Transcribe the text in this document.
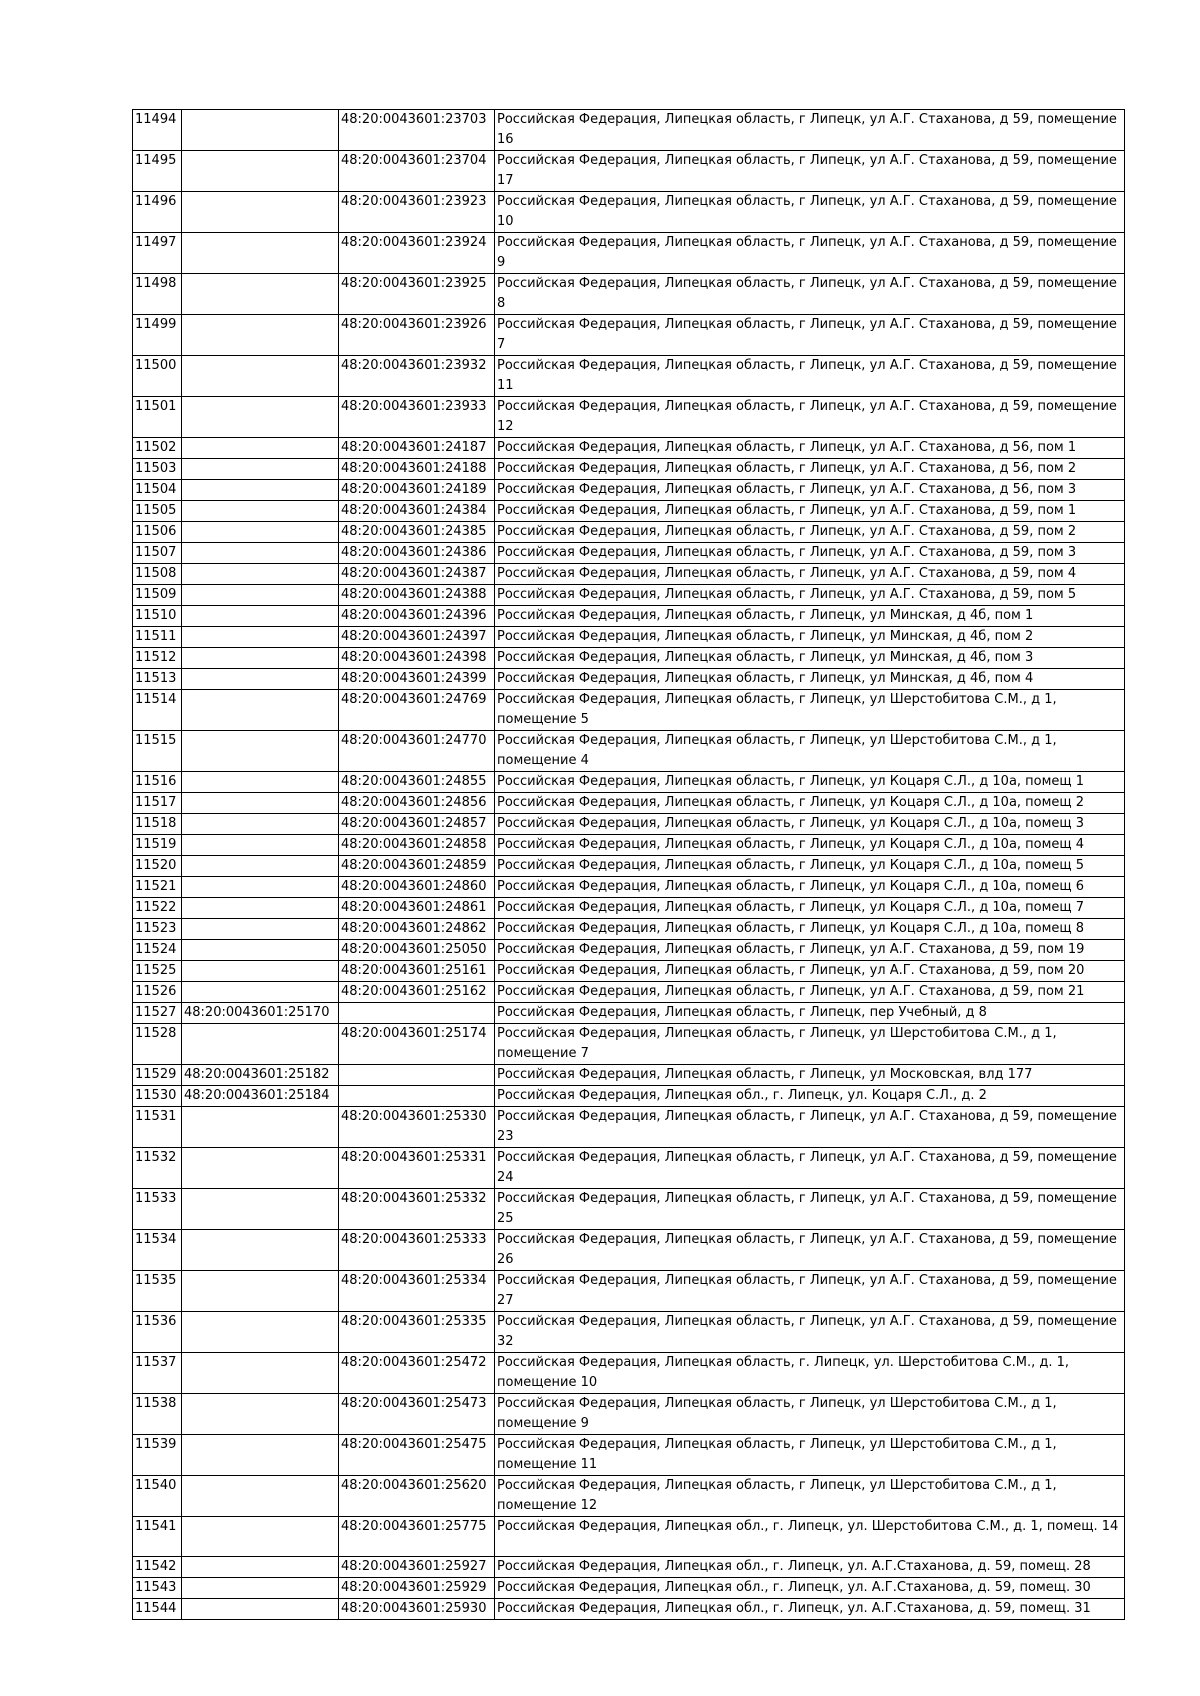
11494		48:20:0043601:23703	Российская Федерация, Липецкая область, г Липецк, ул А.Г. Стаханова, д 59, помещение 16
11495		48:20:0043601:23704	Российская Федерация, Липецкая область, г Липецк, ул А.Г. Стаханова, д 59, помещение 17
11496		48:20:0043601:23923	Российская Федерация, Липецкая область, г Липецк, ул А.Г. Стаханова, д 59, помещение 10
11497		48:20:0043601:23924	Российская Федерация, Липецкая область, г Липецк, ул А.Г. Стаханова, д 59, помещение 9
11498		48:20:0043601:23925	Российская Федерация, Липецкая область, г Липецк, ул А.Г. Стаханова, д 59, помещение 8
11499		48:20:0043601:23926	Российская Федерация, Липецкая область, г Липецк, ул А.Г. Стаханова, д 59, помещение 7
11500		48:20:0043601:23932	Российская Федерация, Липецкая область, г Липецк, ул А.Г. Стаханова, д 59, помещение 11
11501		48:20:0043601:23933	Российская Федерация, Липецкая область, г Липецк, ул А.Г. Стаханова, д 59, помещение 12
11502		48:20:0043601:24187	Российская Федерация, Липецкая область, г Липецк, ул А.Г. Стаханова, д 56, пом 1
11503		48:20:0043601:24188	Российская Федерация, Липецкая область, г Липецк, ул А.Г. Стаханова, д 56, пом 2
11504		48:20:0043601:24189	Российская Федерация, Липецкая область, г Липецк, ул А.Г. Стаханова, д 56, пом 3
11505		48:20:0043601:24384	Российская Федерация, Липецкая область, г Липецк, ул А.Г. Стаханова, д 59, пом 1
11506		48:20:0043601:24385	Российская Федерация, Липецкая область, г Липецк, ул А.Г. Стаханова, д 59, пом 2
11507		48:20:0043601:24386	Российская Федерация, Липецкая область, г Липецк, ул А.Г. Стаханова, д 59, пом 3
11508		48:20:0043601:24387	Российская Федерация, Липецкая область, г Липецк, ул А.Г. Стаханова, д 59, пом 4
11509		48:20:0043601:24388	Российская Федерация, Липецкая область, г Липецк, ул А.Г. Стаханова, д 59, пом 5
11510		48:20:0043601:24396	Российская Федерация, Липецкая область, г Липецк, ул Минская, д 4б, пом 1
11511		48:20:0043601:24397	Российская Федерация, Липецкая область, г Липецк, ул Минская, д 4б, пом 2
11512		48:20:0043601:24398	Российская Федерация, Липецкая область, г Липецк, ул Минская, д 4б, пом 3
11513		48:20:0043601:24399	Российская Федерация, Липецкая область, г Липецк, ул Минская, д 4б, пом 4
11514		48:20:0043601:24769	Российская Федерация, Липецкая область, г Липецк, ул Шерстобитова С.М., д 1, помещение 5
11515		48:20:0043601:24770	Российская Федерация, Липецкая область, г Липецк, ул Шерстобитова С.М., д 1, помещение 4
11516		48:20:0043601:24855	Российская Федерация, Липецкая область, г Липецк, ул Коцаря С.Л., д 10а, помещ 1
11517		48:20:0043601:24856	Российская Федерация, Липецкая область, г Липецк, ул Коцаря С.Л., д 10а, помещ 2
11518		48:20:0043601:24857	Российская Федерация, Липецкая область, г Липецк, ул Коцаря С.Л., д 10а, помещ 3
11519		48:20:0043601:24858	Российская Федерация, Липецкая область, г Липецк, ул Коцаря С.Л., д 10а, помещ 4
11520		48:20:0043601:24859	Российская Федерация, Липецкая область, г Липецк, ул Коцаря С.Л., д 10а, помещ 5
11521		48:20:0043601:24860	Российская Федерация, Липецкая область, г Липецк, ул Коцаря С.Л., д 10а, помещ 6
11522		48:20:0043601:24861	Российская Федерация, Липецкая область, г Липецк, ул Коцаря С.Л., д 10а, помещ 7
11523		48:20:0043601:24862	Российская Федерация, Липецкая область, г Липецк, ул Коцаря С.Л., д 10а, помещ 8
11524		48:20:0043601:25050	Российская Федерация, Липецкая область, г Липецк, ул А.Г. Стаханова, д 59, пом 19
11525		48:20:0043601:25161	Российская Федерация, Липецкая область, г Липецк, ул А.Г. Стаханова, д 59, пом 20
11526		48:20:0043601:25162	Российская Федерация, Липецкая область, г Липецк, ул А.Г. Стаханова, д 59, пом 21
11527	48:20:0043601:25170		Российская Федерация, Липецкая область, г Липецк, пер Учебный, д 8
11528		48:20:0043601:25174	Российская Федерация, Липецкая область, г Липецк, ул Шерстобитова С.М., д 1, помещение 7
11529	48:20:0043601:25182		Российская Федерация, Липецкая область, г Липецк, ул Московская, влд 177
11530	48:20:0043601:25184		Российская Федерация, Липецкая обл., г. Липецк, ул. Коцаря С.Л., д. 2
11531		48:20:0043601:25330	Российская Федерация, Липецкая область, г Липецк, ул А.Г. Стаханова, д 59, помещение 23
11532		48:20:0043601:25331	Российская Федерация, Липецкая область, г Липецк, ул А.Г. Стаханова, д 59, помещение 24
11533		48:20:0043601:25332	Российская Федерация, Липецкая область, г Липецк, ул А.Г. Стаханова, д 59, помещение 25
11534		48:20:0043601:25333	Российская Федерация, Липецкая область, г Липецк, ул А.Г. Стаханова, д 59, помещение 26
11535		48:20:0043601:25334	Российская Федерация, Липецкая область, г Липецк, ул А.Г. Стаханова, д 59, помещение 27
11536		48:20:0043601:25335	Российская Федерация, Липецкая область, г Липецк, ул А.Г. Стаханова, д 59, помещение 32
11537		48:20:0043601:25472	Российская Федерация, Липецкая область, г. Липецк, ул. Шерстобитова С.М., д. 1, помещение 10
11538		48:20:0043601:25473	Российская Федерация, Липецкая область, г Липецк, ул Шерстобитова С.М., д 1, помещение 9
11539		48:20:0043601:25475	Российская Федерация, Липецкая область, г Липецк, ул Шерстобитова С.М., д 1, помещение 11
11540		48:20:0043601:25620	Российская Федерация, Липецкая область, г Липецк, ул Шерстобитова С.М., д 1, помещение 12
11541		48:20:0043601:25775	Российская Федерация, Липецкая обл., г. Липецк, ул. Шерстобитова С.М., д. 1, помещ. 14
11542		48:20:0043601:25927	Российская Федерация, Липецкая обл., г. Липецк, ул. А.Г.Стаханова, д. 59, помещ. 28
11543		48:20:0043601:25929	Российская Федерация, Липецкая обл., г. Липецк, ул. А.Г.Стаханова, д. 59, помещ. 30
11544		48:20:0043601:25930	Российская Федерация, Липецкая обл., г. Липецк, ул. А.Г.Стаханова, д. 59, помещ. 31
